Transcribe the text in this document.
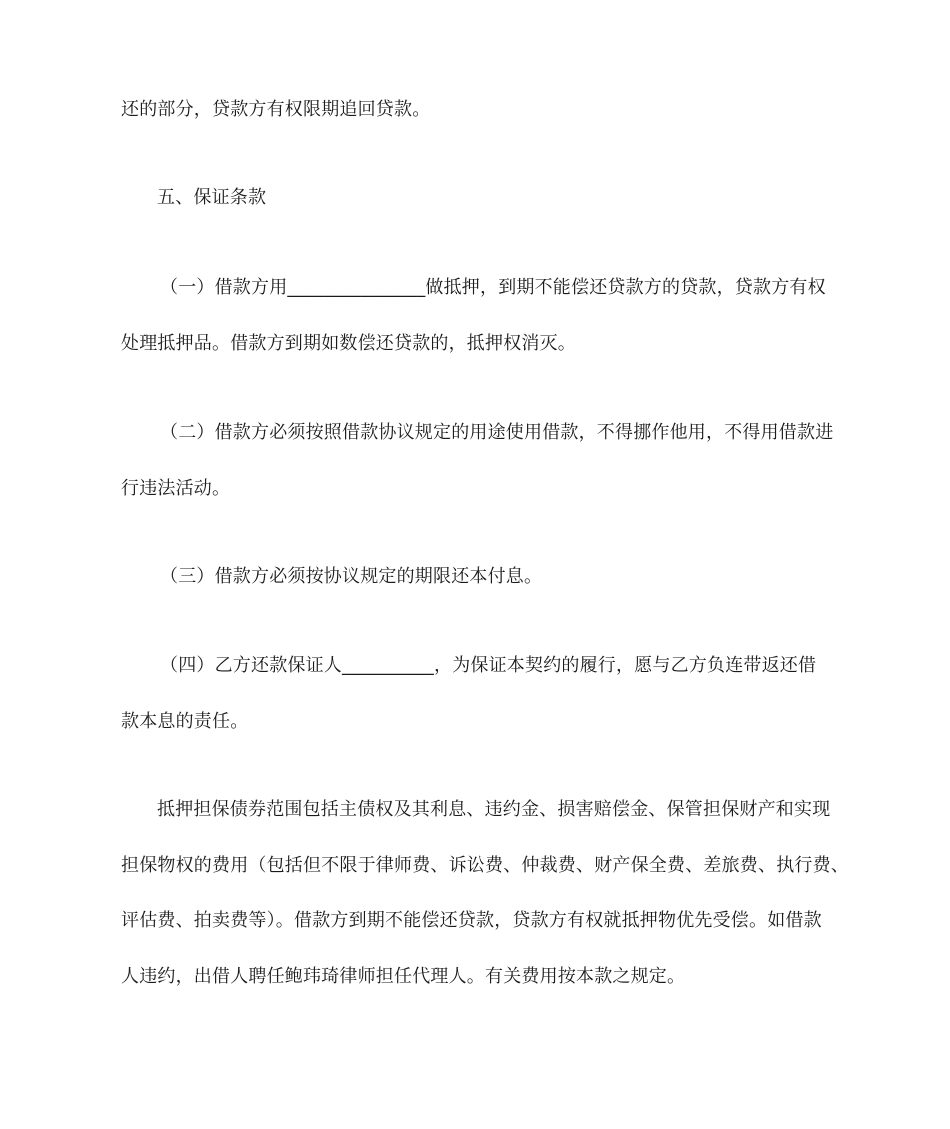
还的部分，贷款方有权限期追回贷款。
五、保证条款
（一）借款方用_______________做抵押，到期不能偿还贷款方的贷款，贷款方有权
处理抵押品。借款方到期如数偿还贷款的，抵押权消灭。
（二）借款方必须按照借款协议规定的用途使用借款，不得挪作他用，不得用借款进
行违法活动。
（三）借款方必须按协议规定的期限还本付息。
（四）乙方还款保证人__________，为保证本契约的履行，愿与乙方负连带返还借
款本息的责任。
抵押担保债券范围包括主债权及其利息、违约金、损害赔偿金、保管担保财产和实现
担保物权的费用（包括但不限于律师费、诉讼费、仲裁费、财产保全费、差旅费、执行费、
评估费、拍卖费等）。借款方到期不能偿还贷款，贷款方有权就抵押物优先受偿。如借款
人违约，出借人聘任鲍玮琦律师担任代理人。有关费用按本款之规定。
